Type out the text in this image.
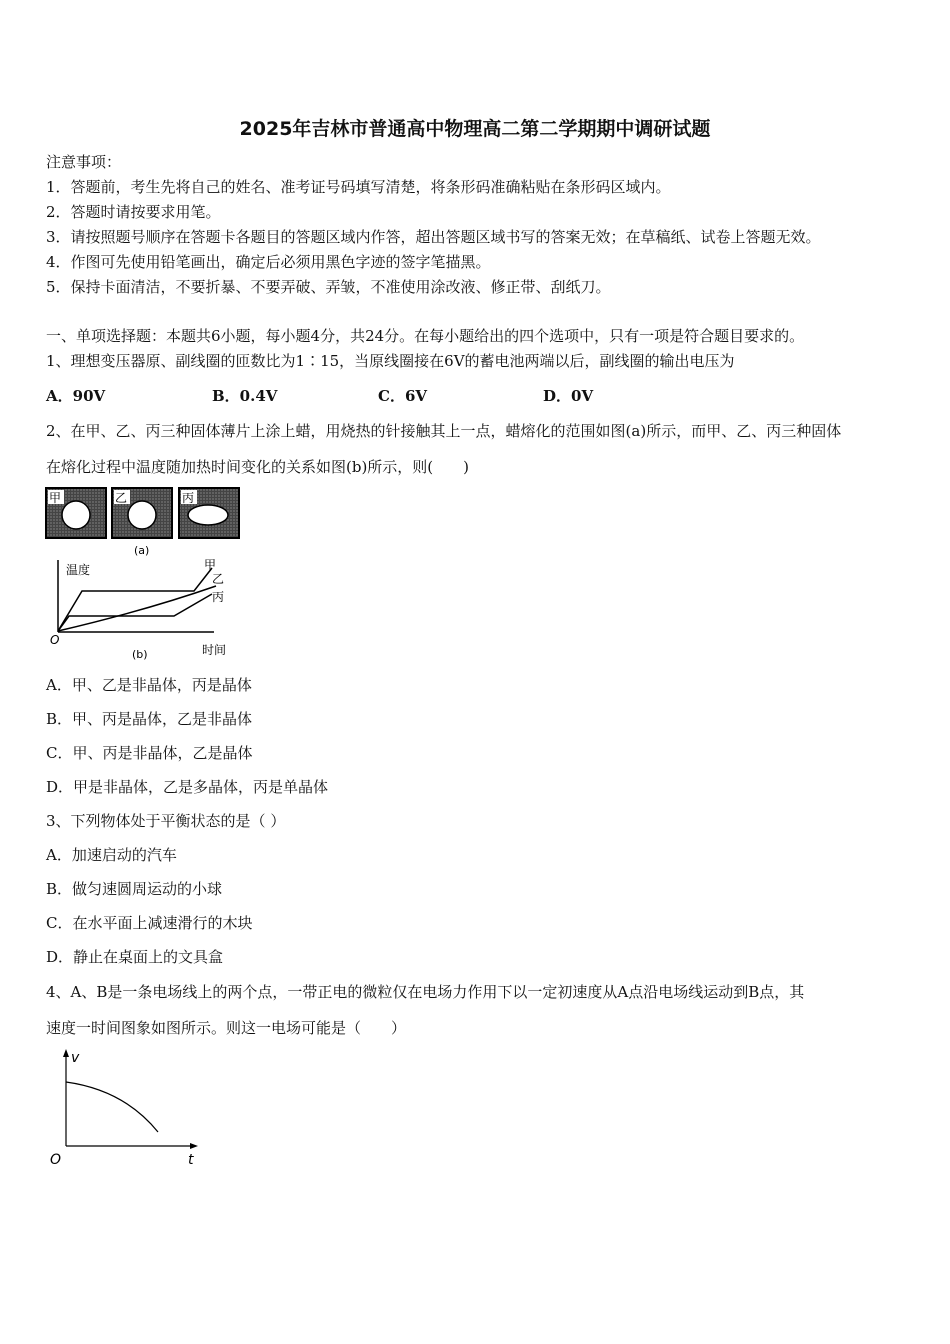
2025年吉林市普通高中物理高二第二学期期中调研试题
注意事项：
1．答题前，考生先将自己的姓名、准考证号码填写清楚，将条形码准确粘贴在条形码区域内。
2．答题时请按要求用笔。
3．请按照题号顺序在答题卡各题目的答题区域内作答，超出答题区域书写的答案无效；在草稿纸、试卷上答题无效。
4．作图可先使用铅笔画出，确定后必须用黑色字迹的签字笔描黑。
5．保持卡面清洁，不要折暴、不要弄破、弄皱，不准使用涂改液、修正带、刮纸刀。
一、单项选择题：本题共6小题，每小题4分，共24分。在每小题给出的四个选项中，只有一项是符合题目要求的。
1、理想变压器原、副线圈的匝数比为1∶15，当原线圈接在6V的蓄电池两端以后，副线圈的输出电压为
A．90V	B．0.4V	C．6V	D．0V
2、在甲、乙、丙三种固体薄片上涂上蜡，用烧热的针接触其上一点，蜡熔化的范围如图(a)所示，而甲、乙、丙三种固体
在熔化过程中温度随加热时间变化的关系如图(b)所示，则(　　)
甲	乙	丙
(a)
温度
时间
O
甲
乙
丙
(b)
A．甲、乙是非晶体，丙是晶体
B．甲、丙是晶体，乙是非晶体
C．甲、丙是非晶体，乙是晶体
D．甲是非晶体，乙是多晶体，丙是单晶体
3、下列物体处于平衡状态的是（ ）
A．加速启动的汽车
B．做匀速圆周运动的小球
C．在水平面上减速滑行的木块
D．静止在桌面上的文具盒
4、A、B是一条电场线上的两个点，一带正电的微粒仅在电场力作用下以一定初速度从A点沿电场线运动到B点，其
速度一时间图象如图所示。则这一电场可能是（　　）
v
t
O
